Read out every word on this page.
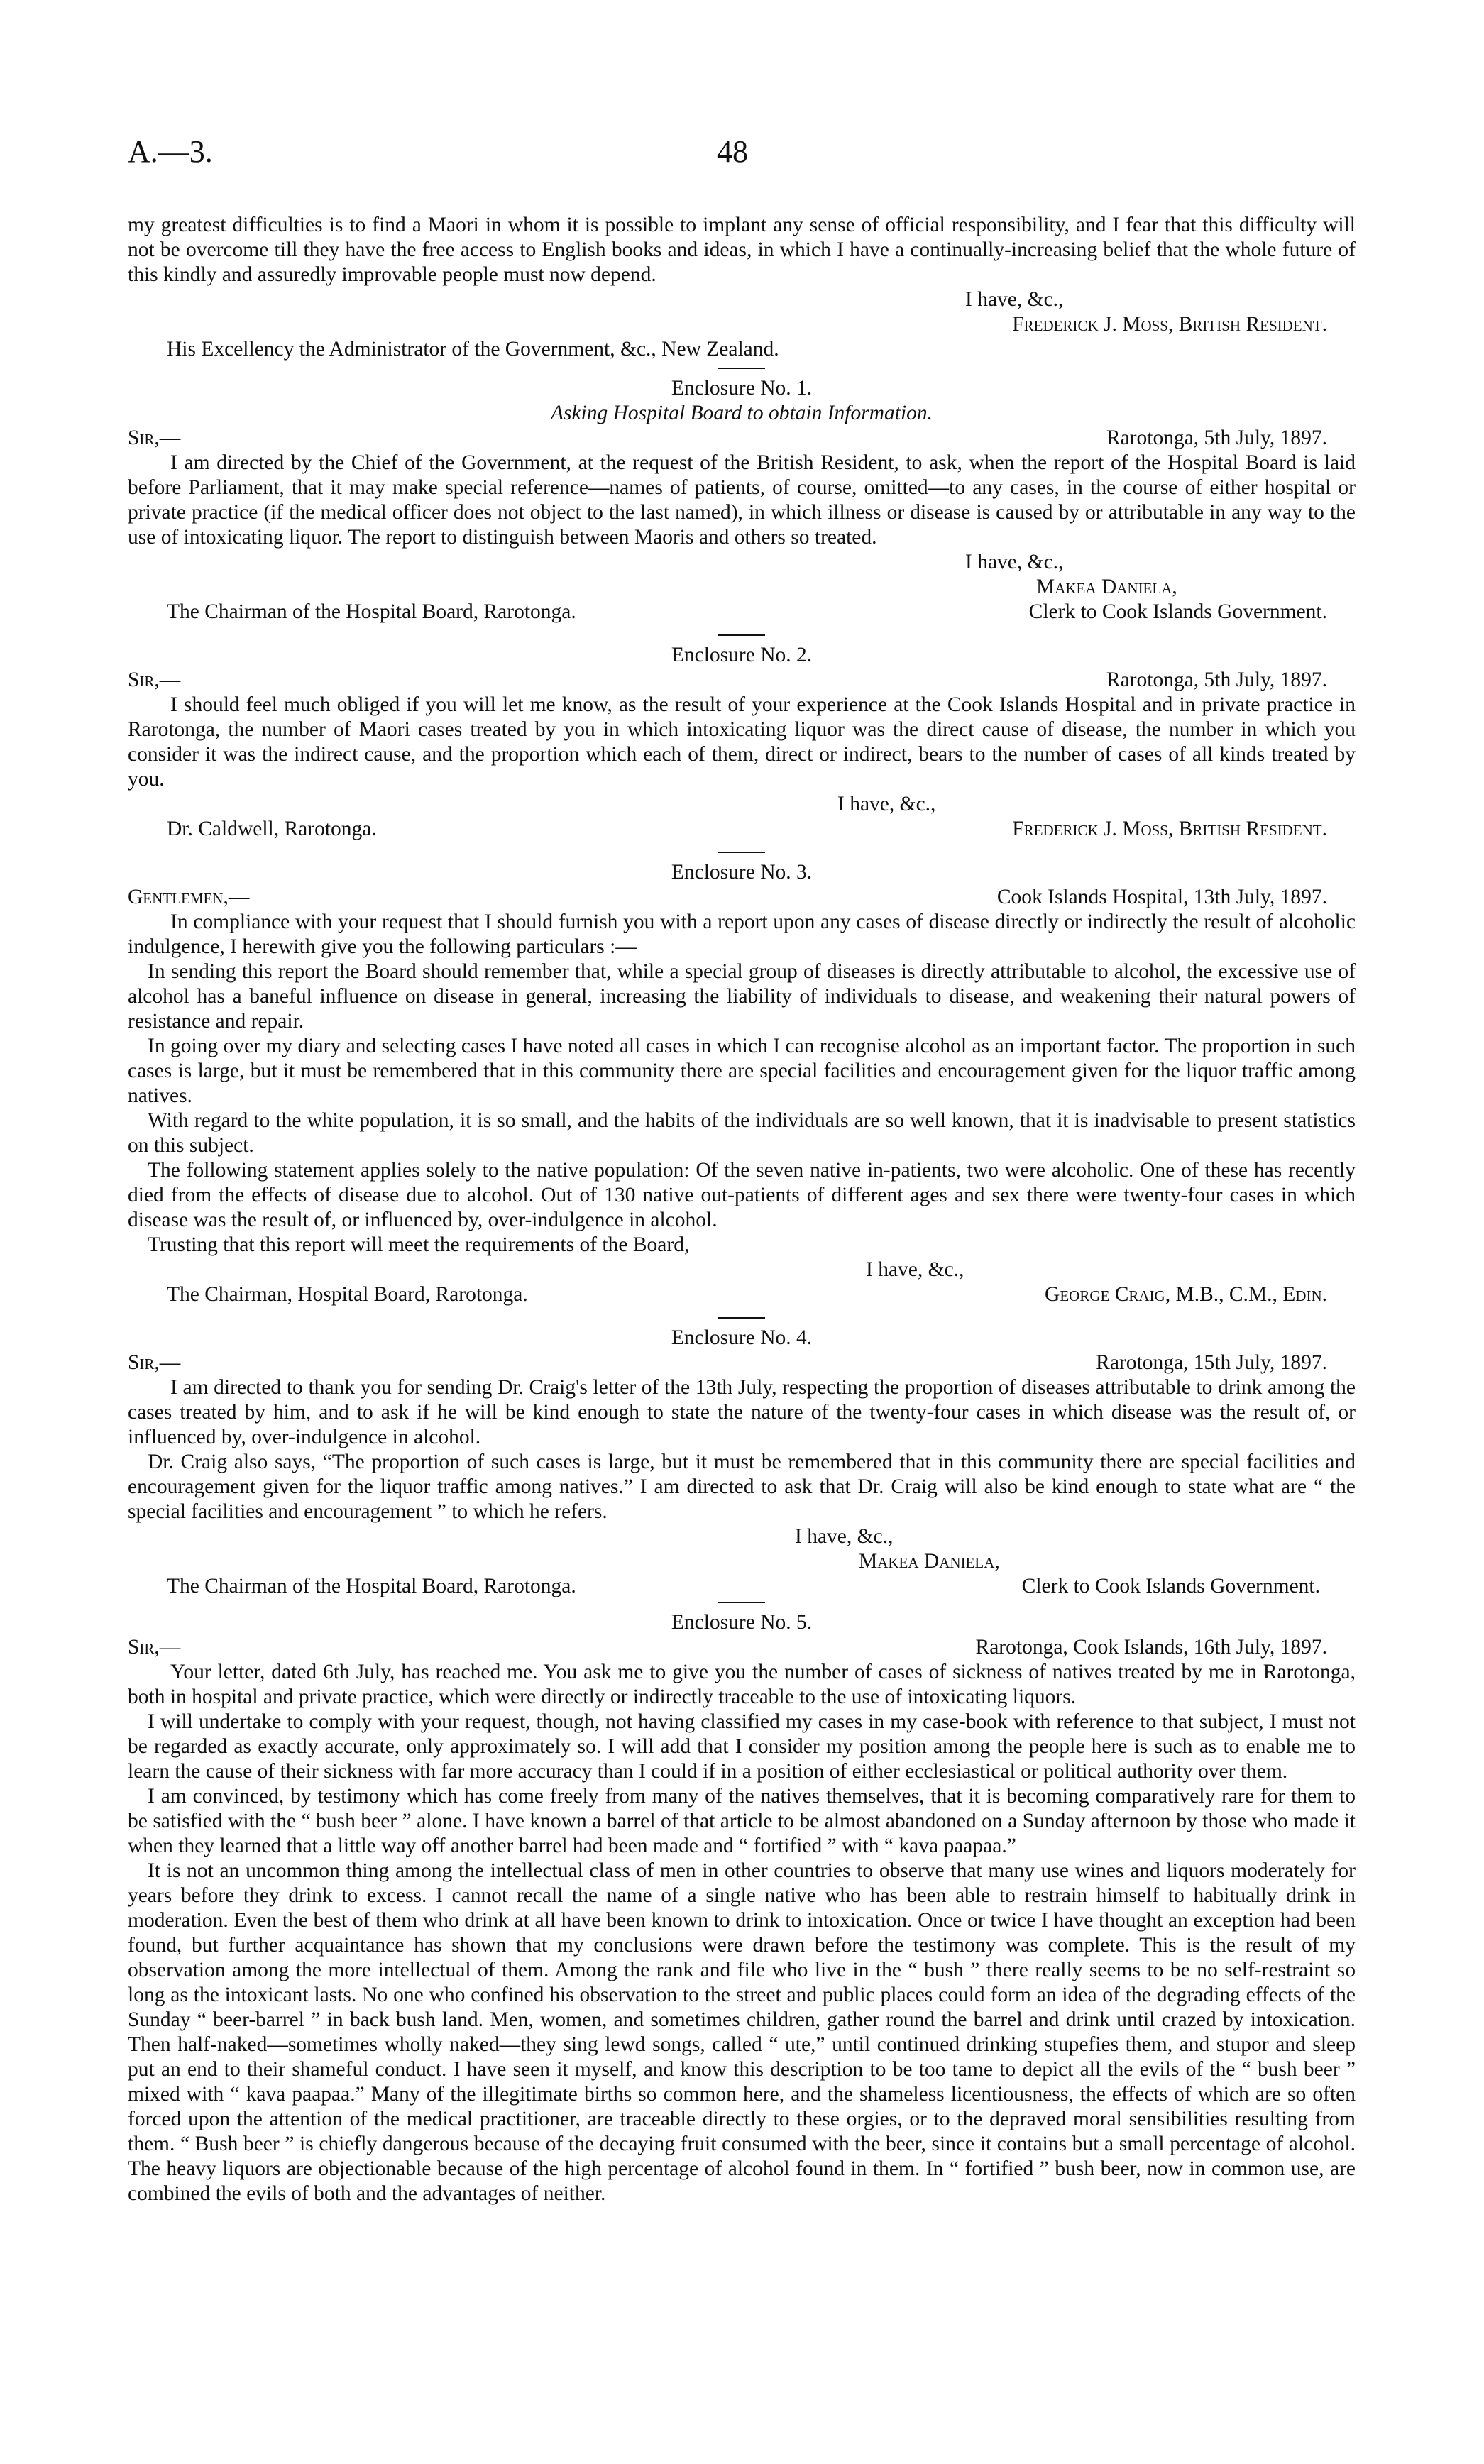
A.—3.	48

my greatest difficulties is to find a Maori in whom it is possible to implant any sense of official responsibility, and I fear that this difficulty will not be overcome till they have the free access to English books and ideas, in which I have a continually-increasing belief that the whole future of this kindly and assuredly improvable people must now depend.

I have, &c.,
Frederick J. Moss, British Resident.
His Excellency the Administrator of the Government, &c., New Zealand.
Enclosure No. 1.
Asking Hospital Board to obtain Information.
Sir,—	Rarotonga, 5th July, 1897.

I am directed by the Chief of the Government, at the request of the British Resident, to ask, when the report of the Hospital Board is laid before Parliament, that it may make special reference—names of patients, of course, omitted—to any cases, in the course of either hospital or private practice (if the medical officer does not object to the last named), in which illness or disease is caused by or attributable in any way to the use of intoxicating liquor. The report to distinguish between Maoris and others so treated.

I have, &c.,
Makea Daniela,
The Chairman of the Hospital Board, Rarotonga.	Clerk to Cook Islands Government.
Enclosure No. 2.
Sir,—	Rarotonga, 5th July, 1897.

I should feel much obliged if you will let me know, as the result of your experience at the Cook Islands Hospital and in private practice in Rarotonga, the number of Maori cases treated by you in which intoxicating liquor was the direct cause of disease, the number in which you consider it was the indirect cause, and the proportion which each of them, direct or indirect, bears to the number of cases of all kinds treated by you.

I have, &c.,
Dr. Caldwell, Rarotonga.	Frederick J. Moss, British Resident.
Enclosure No. 3.
Gentlemen,—	Cook Islands Hospital, 13th July, 1897.

In compliance with your request that I should furnish you with a report upon any cases of disease directly or indirectly the result of alcoholic indulgence, I herewith give you the following particulars :—

In sending this report the Board should remember that, while a special group of diseases is directly attributable to alcohol, the excessive use of alcohol has a baneful influence on disease in general, increasing the liability of individuals to disease, and weakening their natural powers of resistance and repair.

In going over my diary and selecting cases I have noted all cases in which I can recognise alcohol as an important factor. The proportion in such cases is large, but it must be remembered that in this community there are special facilities and encouragement given for the liquor traffic among natives.

With regard to the white population, it is so small, and the habits of the individuals are so well known, that it is inadvisable to present statistics on this subject.

The following statement applies solely to the native population: Of the seven native in-patients, two were alcoholic. One of these has recently died from the effects of disease due to alcohol. Out of 130 native out-patients of different ages and sex there were twenty-four cases in which disease was the result of, or influenced by, over-indulgence in alcohol.

Trusting that this report will meet the requirements of the Board,

I have, &c.,
The Chairman, Hospital Board, Rarotonga.	George Craig, M.B., C.M., Edin.
Enclosure No. 4.
Sir,—	Rarotonga, 15th July, 1897.

I am directed to thank you for sending Dr. Craig's letter of the 13th July, respecting the proportion of diseases attributable to drink among the cases treated by him, and to ask if he will be kind enough to state the nature of the twenty-four cases in which disease was the result of, or influenced by, over-indulgence in alcohol.

Dr. Craig also says, “The proportion of such cases is large, but it must be remembered that in this community there are special facilities and encouragement given for the liquor traffic among natives.” I am directed to ask that Dr. Craig will also be kind enough to state what are “ the special facilities and encouragement ” to which he refers.

I have, &c.,
Makea Daniela,
The Chairman of the Hospital Board, Rarotonga.	Clerk to Cook Islands Government.
Enclosure No. 5.
Sir,—	Rarotonga, Cook Islands, 16th July, 1897.

Your letter, dated 6th July, has reached me. You ask me to give you the number of cases of sickness of natives treated by me in Rarotonga, both in hospital and private practice, which were directly or indirectly traceable to the use of intoxicating liquors.

I will undertake to comply with your request, though, not having classified my cases in my case-book with reference to that subject, I must not be regarded as exactly accurate, only approximately so. I will add that I consider my position among the people here is such as to enable me to learn the cause of their sickness with far more accuracy than I could if in a position of either ecclesiastical or political authority over them.

I am convinced, by testimony which has come freely from many of the natives themselves, that it is becoming comparatively rare for them to be satisfied with the “ bush beer ” alone. I have known a barrel of that article to be almost abandoned on a Sunday afternoon by those who made it when they learned that a little way off another barrel had been made and “ fortified ” with “ kava paapaa.”

It is not an uncommon thing among the intellectual class of men in other countries to observe that many use wines and liquors moderately for years before they drink to excess. I cannot recall the name of a single native who has been able to restrain himself to habitually drink in moderation. Even the best of them who drink at all have been known to drink to intoxication. Once or twice I have thought an exception had been found, but further acquaintance has shown that my conclusions were drawn before the testimony was complete. This is the result of my observation among the more intellectual of them. Among the rank and file who live in the “ bush ” there really seems to be no self-restraint so long as the intoxicant lasts. No one who confined his observation to the street and public places could form an idea of the degrading effects of the Sunday “ beer-barrel ” in back bush land. Men, women, and sometimes children, gather round the barrel and drink until crazed by intoxication. Then half-naked—sometimes wholly naked—they sing lewd songs, called “ ute,” until continued drinking stupefies them, and stupor and sleep put an end to their shameful conduct. I have seen it myself, and know this description to be too tame to depict all the evils of the “ bush beer ” mixed with “ kava paapaa.” Many of the illegitimate births so common here, and the shameless licentiousness, the effects of which are so often forced upon the attention of the medical practitioner, are traceable directly to these orgies, or to the depraved moral sensibilities resulting from them. “ Bush beer ” is chiefly dangerous because of the decaying fruit consumed with the beer, since it contains but a small percentage of alcohol. The heavy liquors are objectionable because of the high percentage of alcohol found in them. In “ fortified ” bush beer, now in common use, are combined the evils of both and the advantages of neither.
